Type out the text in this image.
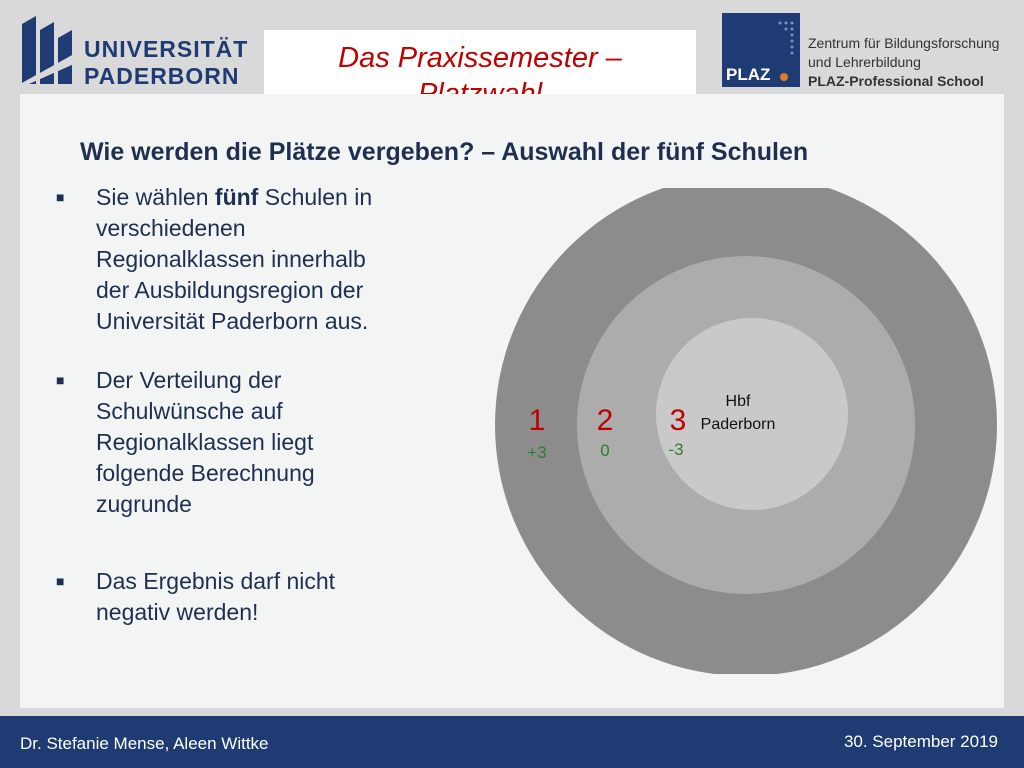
UNIVERSITÄT
PADERBORN
Das Praxissemester –
PLAZ
Zentrum für Bildungsforschung
und Lehrerbildung
PLAZ-Professional School
Wie werden die Plätze vergeben? – Auswahl der fünf Schulen
■ Sie wählen fünf Schulen in verschiedenen Regionalklassen innerhalb der Ausbildungsregion der Universität Paderborn aus.
■ Der Verteilung der Schulwünsche auf Regionalklassen liegt folgende Berechnung zugrunde
■ Das Ergebnis darf nicht negativ werden!
Hbf
Paderborn
1
+3
2
0
3
-3
Dr. Stefanie Mense, Aleen Wittke	30. September 2019
